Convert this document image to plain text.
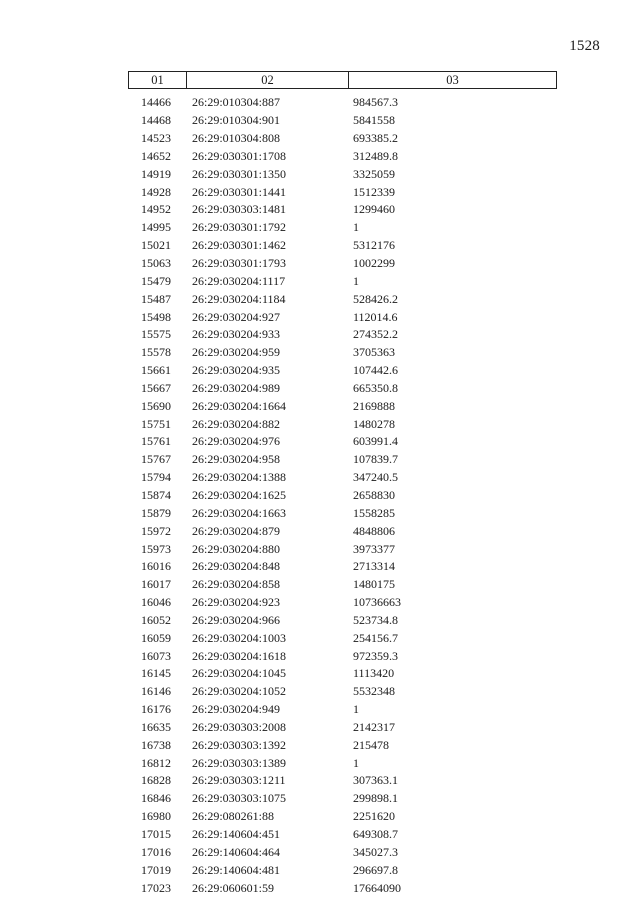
1528
01	02	03
14466	26:29:010304:887	984567.3
14468	26:29:010304:901	5841558
14523	26:29:010304:808	693385.2
14652	26:29:030301:1708	312489.8
14919	26:29:030301:1350	3325059
14928	26:29:030301:1441	1512339
14952	26:29:030303:1481	1299460
14995	26:29:030301:1792	1
15021	26:29:030301:1462	5312176
15063	26:29:030301:1793	1002299
15479	26:29:030204:1117	1
15487	26:29:030204:1184	528426.2
15498	26:29:030204:927	112014.6
15575	26:29:030204:933	274352.2
15578	26:29:030204:959	3705363
15661	26:29:030204:935	107442.6
15667	26:29:030204:989	665350.8
15690	26:29:030204:1664	2169888
15751	26:29:030204:882	1480278
15761	26:29:030204:976	603991.4
15767	26:29:030204:958	107839.7
15794	26:29:030204:1388	347240.5
15874	26:29:030204:1625	2658830
15879	26:29:030204:1663	1558285
15972	26:29:030204:879	4848806
15973	26:29:030204:880	3973377
16016	26:29:030204:848	2713314
16017	26:29:030204:858	1480175
16046	26:29:030204:923	10736663
16052	26:29:030204:966	523734.8
16059	26:29:030204:1003	254156.7
16073	26:29:030204:1618	972359.3
16145	26:29:030204:1045	1113420
16146	26:29:030204:1052	5532348
16176	26:29:030204:949	1
16635	26:29:030303:2008	2142317
16738	26:29:030303:1392	215478
16812	26:29:030303:1389	1
16828	26:29:030303:1211	307363.1
16846	26:29:030303:1075	299898.1
16980	26:29:080261:88	2251620
17015	26:29:140604:451	649308.7
17016	26:29:140604:464	345027.3
17019	26:29:140604:481	296697.8
17023	26:29:060601:59	17664090
